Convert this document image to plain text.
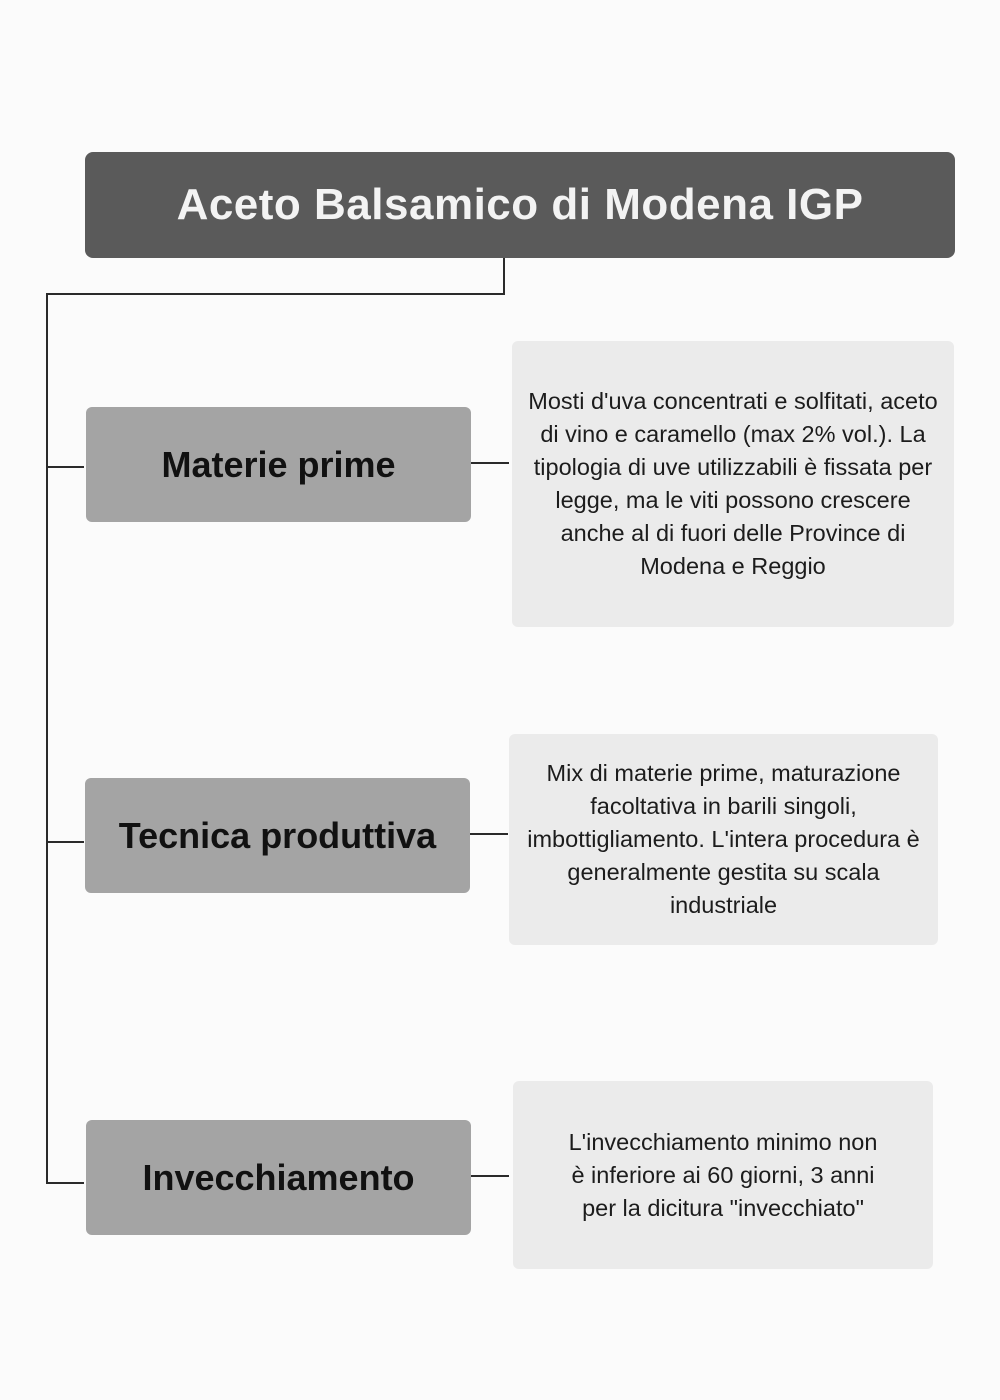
Aceto Balsamico di Modena IGP
Materie prime
Mosti d'uva concentrati e solfitati, aceto di vino e caramello (max 2% vol.). La tipologia di uve utilizzabili è fissata per legge, ma le viti possono crescere anche al di fuori delle Province di Modena e Reggio
Tecnica produttiva
Mix di materie prime, maturazione facoltativa in barili singoli, imbottigliamento. L'intera procedura è generalmente gestita su scala industriale
Invecchiamento
L'invecchiamento minimo non è inferiore ai 60 giorni, 3 anni per la dicitura "invecchiato"
